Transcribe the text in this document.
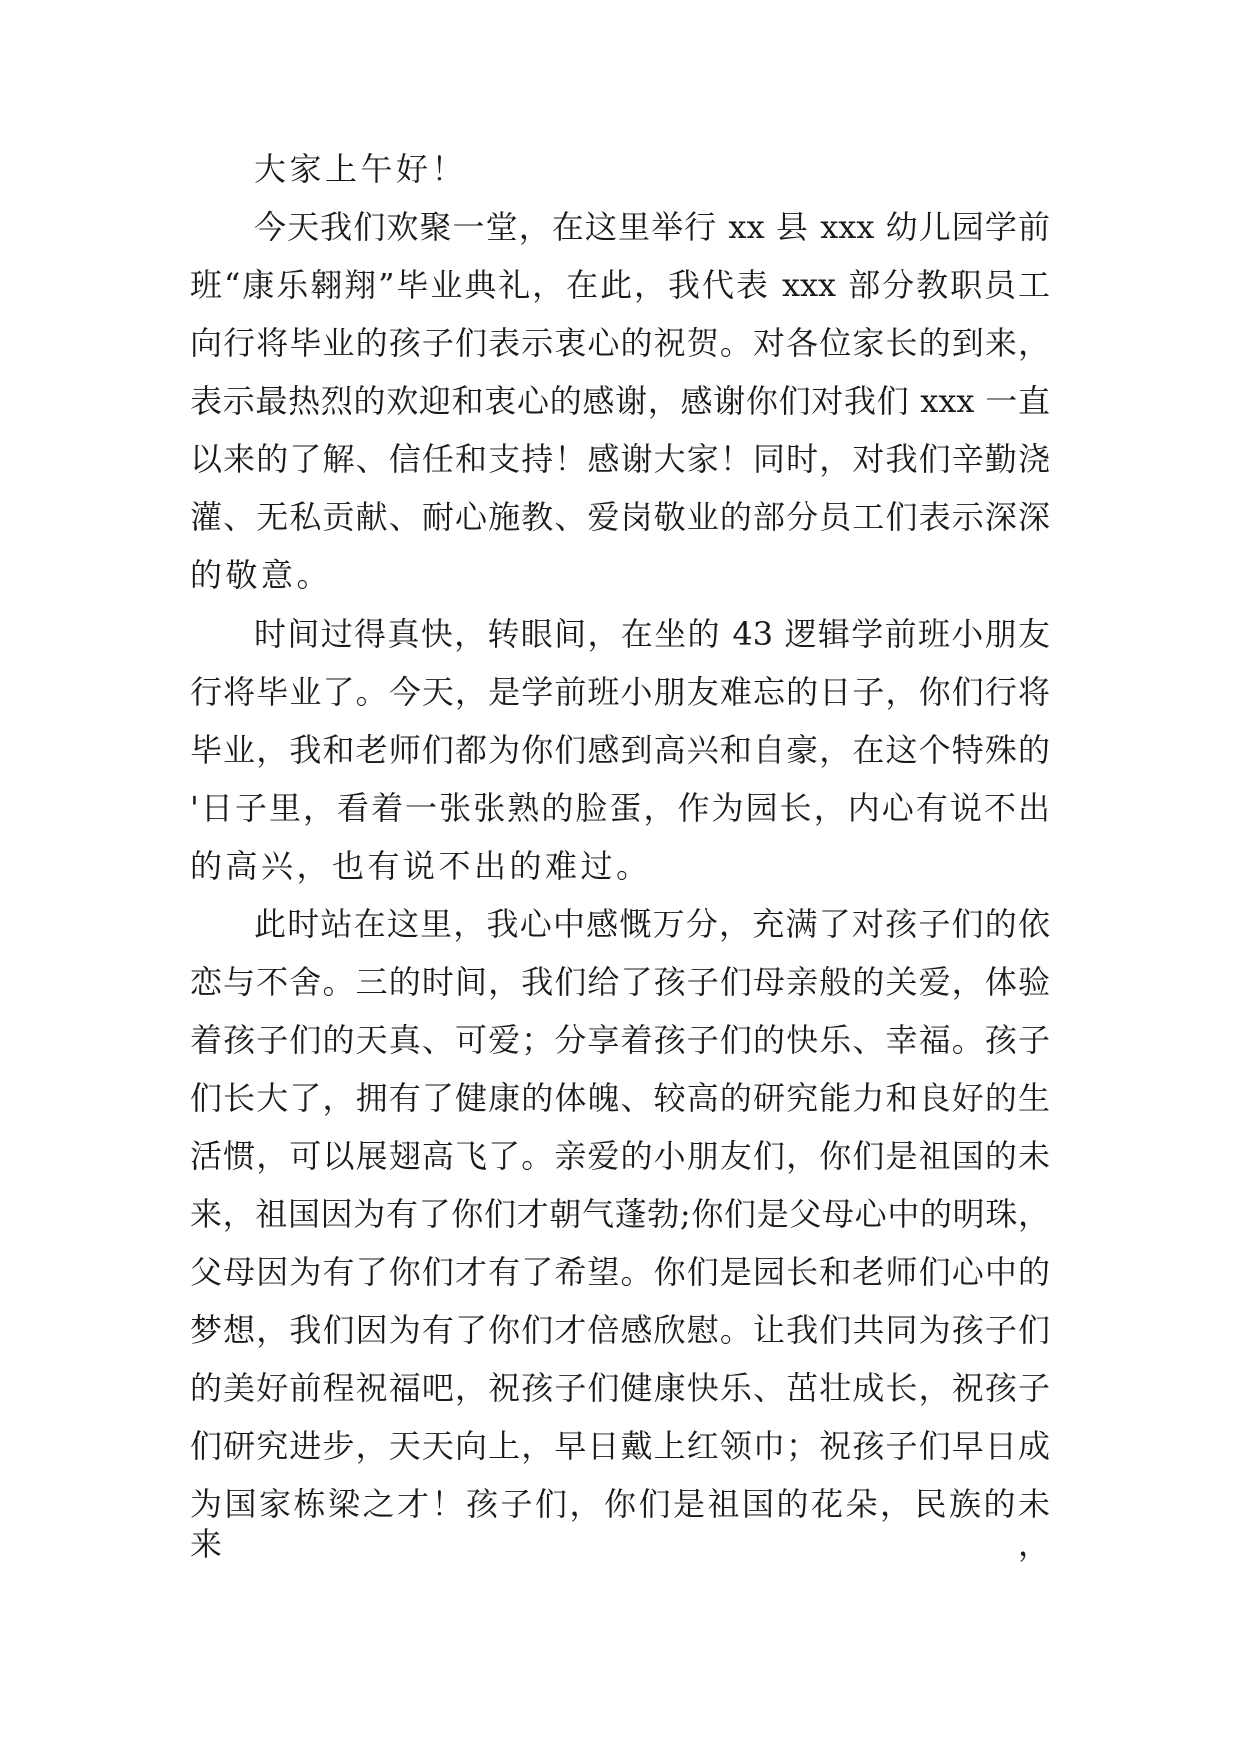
大家上午好！

今天我们欢聚一堂，在这里举行 xx 县 xxx 幼儿园学前

班“康乐翱翔”毕业典礼，在此，我代表 xxx 部分教职员工

向行将毕业的孩子们表示衷心的祝贺。对各位家长的到来，

表示最热烈的欢迎和衷心的感谢，感谢你们对我们 xxx 一直

以来的了解、信任和支持！感谢大家！同时，对我们辛勤浇

灌、无私贡献、耐心施教、爱岗敬业的部分员工们表示深深

的敬意。

时间过得真快，转眼间，在坐的 43 逻辑学前班小朋友

行将毕业了。今天，是学前班小朋友难忘的日子，你们行将

毕业，我和老师们都为你们感到高兴和自豪，在这个特殊的

'日子里，看着一张张熟的脸蛋，作为园长，内心有说不出

的高兴，也有说不出的难过。

此时站在这里，我心中感慨万分，充满了对孩子们的依

恋与不舍。三的时间，我们给了孩子们母亲般的关爱，体验

着孩子们的天真、可爱；分享着孩子们的快乐、幸福。孩子

们长大了，拥有了健康的体魄、较高的研究能力和良好的生

活惯，可以展翅高飞了。亲爱的小朋友们，你们是祖国的未

来，祖国因为有了你们才朝气蓬勃;你们是父母心中的明珠，

父母因为有了你们才有了希望。你们是园长和老师们心中的

梦想，我们因为有了你们才倍感欣慰。让我们共同为孩子们

的美好前程祝福吧，祝孩子们健康快乐、茁壮成长，祝孩子

们研究进步，天天向上，早日戴上红领巾；祝孩子们早日成

为国家栋梁之才！孩子们，你们是祖国的花朵，民族的未来，
